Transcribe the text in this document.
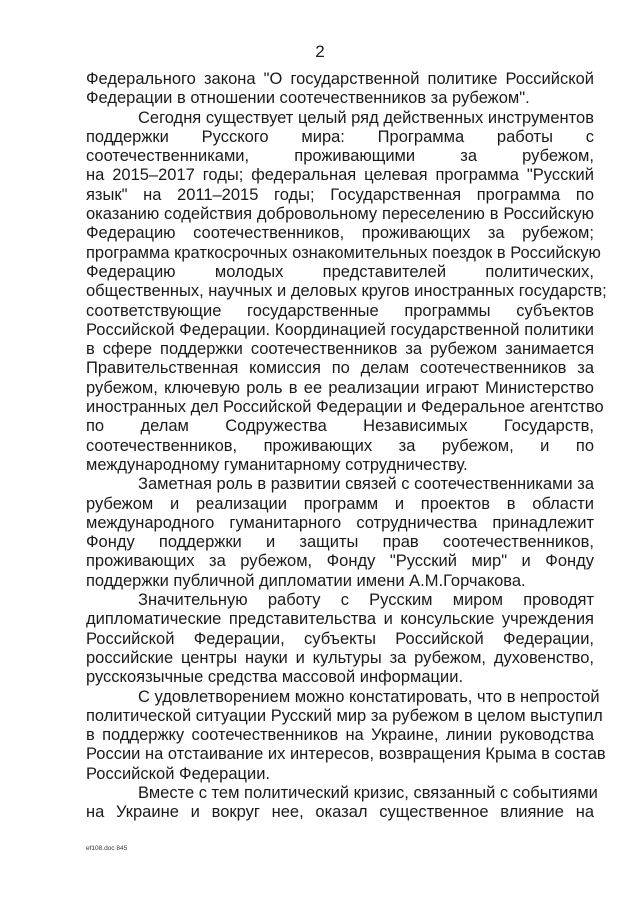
2
Федерального закона "О государственной политике Российской
Федерации в отношении соотечественников за рубежом".
Сегодня существует целый ряд действенных инструментов
поддержки Русского мира: Программа работы с
соотечественниками, проживающими за рубежом,
на 2015–2017 годы; федеральная целевая программа "Русский
язык" на 2011–2015 годы; Государственная программа по
оказанию содействия добровольному переселению в Российскую
Федерацию соотечественников, проживающих за рубежом;
программа краткосрочных ознакомительных поездок в Российскую
Федерацию молодых представителей политических,
общественных, научных и деловых кругов иностранных государств;
соответствующие государственные программы субъектов
Российской Федерации. Координацией государственной политики
в сфере поддержки соотечественников за рубежом занимается
Правительственная комиссия по делам соотечественников за
рубежом, ключевую роль в ее реализации играют Министерство
иностранных дел Российской Федерации и Федеральное агентство
по делам Содружества Независимых Государств,
соотечественников, проживающих за рубежом, и по
международному гуманитарному сотрудничеству.
Заметная роль в развитии связей с соотечественниками за
рубежом и реализации программ и проектов в области
международного гуманитарного сотрудничества принадлежит
Фонду поддержки и защиты прав соотечественников,
проживающих за рубежом, Фонду "Русский мир" и Фонду
поддержки публичной дипломатии имени А.М.Горчакова.
Значительную работу с Русским миром проводят
дипломатические представительства и консульские учреждения
Российской Федерации, субъекты Российской Федерации,
российские центры науки и культуры за рубежом, духовенство,
русскоязычные средства массовой информации.
С удовлетворением можно констатировать, что в непростой
политической ситуации Русский мир за рубежом в целом выступил
в поддержку соотечественников на Украине, линии руководства
России на отстаивание их интересов, возвращения Крыма в состав
Российской Федерации.
Вместе с тем политический кризис, связанный с событиями
на Украине и вокруг нее, оказал существенное влияние на
ef108.doc 845
